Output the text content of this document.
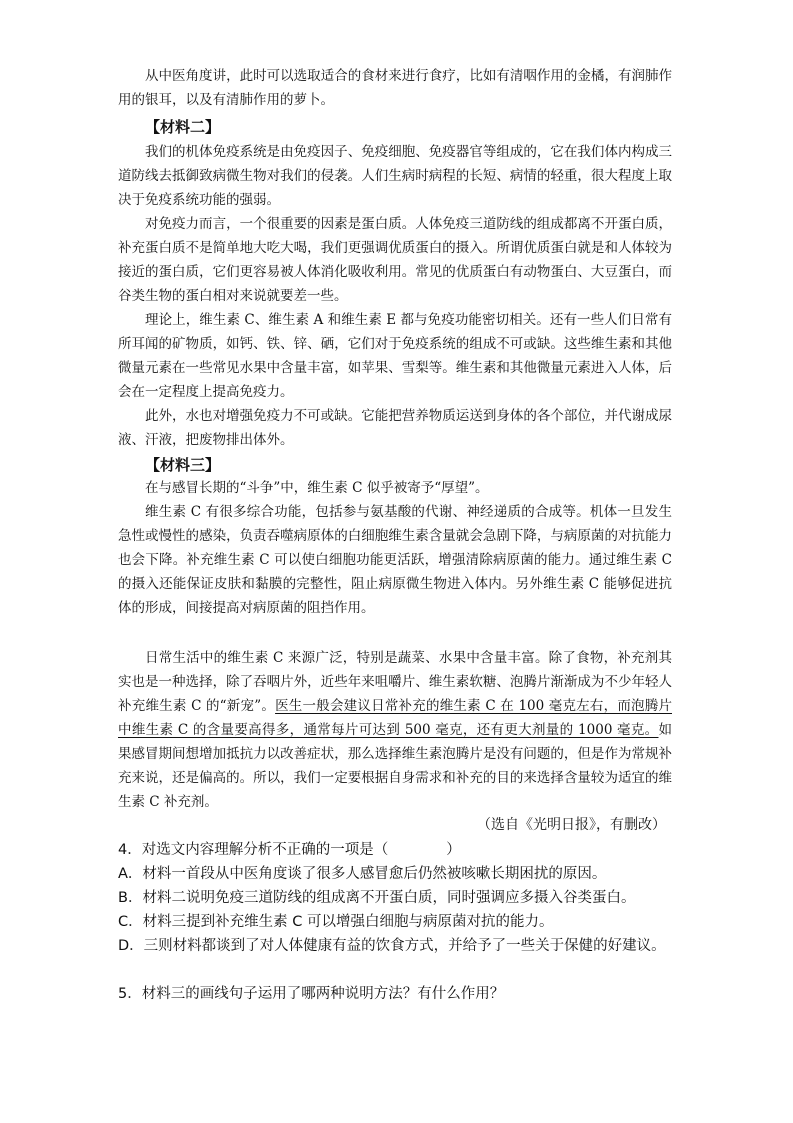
从中医角度讲，此时可以选取适合的食材来进行食疗，比如有清咽作用的金橘，有润肺作用的银耳，以及有清肺作用的萝卜。

【材料二】

我们的机体免疫系统是由免疫因子、免疫细胞、免疫器官等组成的，它在我们体内构成三道防线去抵御致病微生物对我们的侵袭。人们生病时病程的长短、病情的轻重，很大程度上取决于免疫系统功能的强弱。

对免疫力而言，一个很重要的因素是蛋白质。人体免疫三道防线的组成都离不开蛋白质，补充蛋白质不是简单地大吃大喝，我们更强调优质蛋白的摄入。所谓优质蛋白就是和人体较为接近的蛋白质，它们更容易被人体消化吸收利用。常见的优质蛋白有动物蛋白、大豆蛋白，而谷类生物的蛋白相对来说就要差一些。

理论上，维生素 C、维生素 A 和维生素 E 都与免疫功能密切相关。还有一些人们日常有所耳闻的矿物质，如钙、铁、锌、硒，它们对于免疫系统的组成不可或缺。这些维生素和其他微量元素在一些常见水果中含量丰富，如苹果、雪梨等。维生素和其他微量元素进入人体，后会在一定程度上提高免疫力。

此外，水也对增强免疫力不可或缺。它能把营养物质运送到身体的各个部位，并代谢成尿液、汗液，把废物排出体外。

【材料三】

在与感冒长期的“斗争”中，维生素 C 似乎被寄予“厚望”。

维生素 C 有很多综合功能，包括参与氨基酸的代谢、神经递质的合成等。机体一旦发生急性或慢性的感染，负责吞噬病原体的白细胞维生素含量就会急剧下降，与病原菌的对抗能力也会下降。补充维生素 C 可以使白细胞功能更活跃，增强清除病原菌的能力。通过维生素 C 的摄入还能保证皮肤和黏膜的完整性，阻止病原微生物进入体内。另外维生素 C 能够促进抗体的形成，间接提高对病原菌的阻挡作用。

日常生活中的维生素 C 来源广泛，特别是蔬菜、水果中含量丰富。除了食物，补充剂其实也是一种选择，除了吞咽片外，近些年来咀嚼片、维生素软糖、泡腾片渐渐成为不少年轻人补充维生素 C 的“新宠”。医生一般会建议日常补充的维生素 C 在 100 毫克左右，而泡腾片中维生素 C 的含量要高得多，通常每片可达到 500 毫克，还有更大剂量的 1000 毫克。如果感冒期间想增加抵抗力以改善症状，那么选择维生素泡腾片是没有问题的，但是作为常规补充来说，还是偏高的。所以，我们一定要根据自身需求和补充的目的来选择含量较为适宜的维生素 C 补充剂。

（选自《光明日报》，有删改）

4．对选文内容理解分析不正确的一项是（　　　　）

A．材料一首段从中医角度谈了很多人感冒愈后仍然被咳嗽长期困扰的原因。

B．材料二说明免疫三道防线的组成离不开蛋白质，同时强调应多摄入谷类蛋白。

C．材料三提到补充维生素 C 可以增强白细胞与病原菌对抗的能力。

D．三则材料都谈到了对人体健康有益的饮食方式，并给予了一些关于保健的好建议。

5．材料三的画线句子运用了哪两种说明方法？有什么作用？
